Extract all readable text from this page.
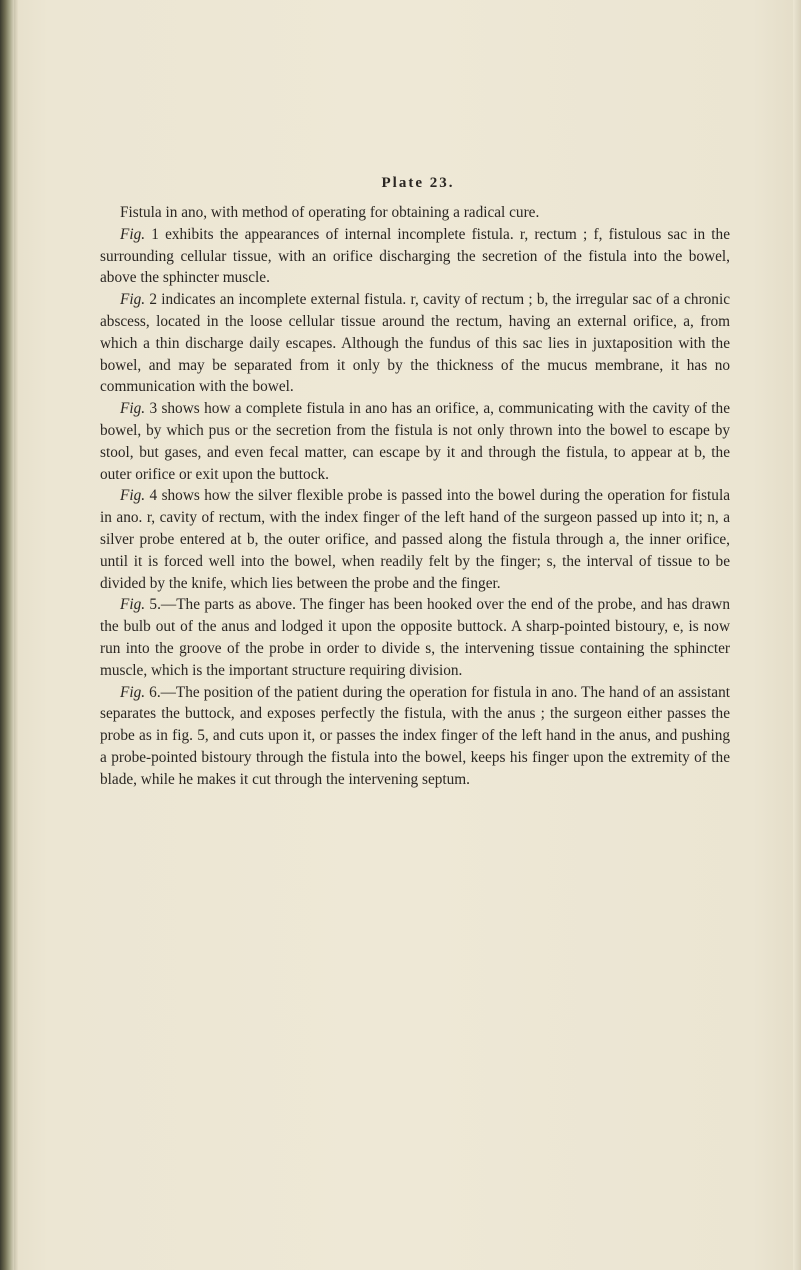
Plate 23.

Fistula in ano, with method of operating for obtaining a radical cure.

Fig. 1 exhibits the appearances of internal incomplete fistula. r, rectum ; f, fistulous sac in the surrounding cellular tissue, with an orifice discharging the secretion of the fistula into the bowel, above the sphincter muscle.

Fig. 2 indicates an incomplete external fistula. r, cavity of rectum ; b, the irregular sac of a chronic abscess, located in the loose cellular tissue around the rectum, having an external orifice, a, from which a thin discharge daily escapes. Although the fundus of this sac lies in juxtaposition with the bowel, and may be separated from it only by the thickness of the mucus membrane, it has no communication with the bowel.

Fig. 3 shows how a complete fistula in ano has an orifice, a, communicating with the cavity of the bowel, by which pus or the secretion from the fistula is not only thrown into the bowel to escape by stool, but gases, and even fecal matter, can escape by it and through the fistula, to appear at b, the outer orifice or exit upon the buttock.

Fig. 4 shows how the silver flexible probe is passed into the bowel during the operation for fistula in ano. r, cavity of rectum, with the index finger of the left hand of the surgeon passed up into it; n, a silver probe entered at b, the outer orifice, and passed along the fistula through a, the inner orifice, until it is forced well into the bowel, when readily felt by the finger; s, the interval of tissue to be divided by the knife, which lies between the probe and the finger.

Fig. 5.—The parts as above. The finger has been hooked over the end of the probe, and has drawn the bulb out of the anus and lodged it upon the opposite buttock. A sharp-pointed bistoury, e, is now run into the groove of the probe in order to divide s, the intervening tissue containing the sphincter muscle, which is the important structure requiring division.

Fig. 6.—The position of the patient during the operation for fistula in ano. The hand of an assistant separates the buttock, and exposes perfectly the fistula, with the anus ; the surgeon either passes the probe as in fig. 5, and cuts upon it, or passes the index finger of the left hand in the anus, and pushing a probe-pointed bistoury through the fistula into the bowel, keeps his finger upon the extremity of the blade, while he makes it cut through the intervening septum.
